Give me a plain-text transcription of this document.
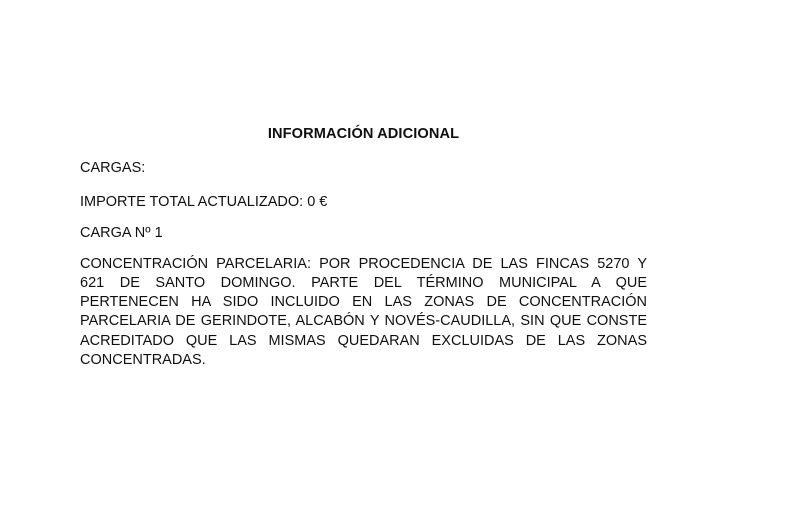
INFORMACIÓN ADICIONAL
CARGAS:
IMPORTE TOTAL ACTUALIZADO: 0 €
CARGA Nº 1
CONCENTRACIÓN PARCELARIA: POR PROCEDENCIA DE LAS FINCAS 5270 Y
621 DE SANTO DOMINGO. PARTE DEL TÉRMINO MUNICIPAL A QUE
PERTENECEN HA SIDO INCLUIDO EN LAS ZONAS DE CONCENTRACIÓN
PARCELARIA DE GERINDOTE, ALCABÓN Y NOVÉS-CAUDILLA, SIN QUE CONSTE
ACREDITADO QUE LAS MISMAS QUEDARAN EXCLUIDAS DE LAS ZONAS
CONCENTRADAS.
